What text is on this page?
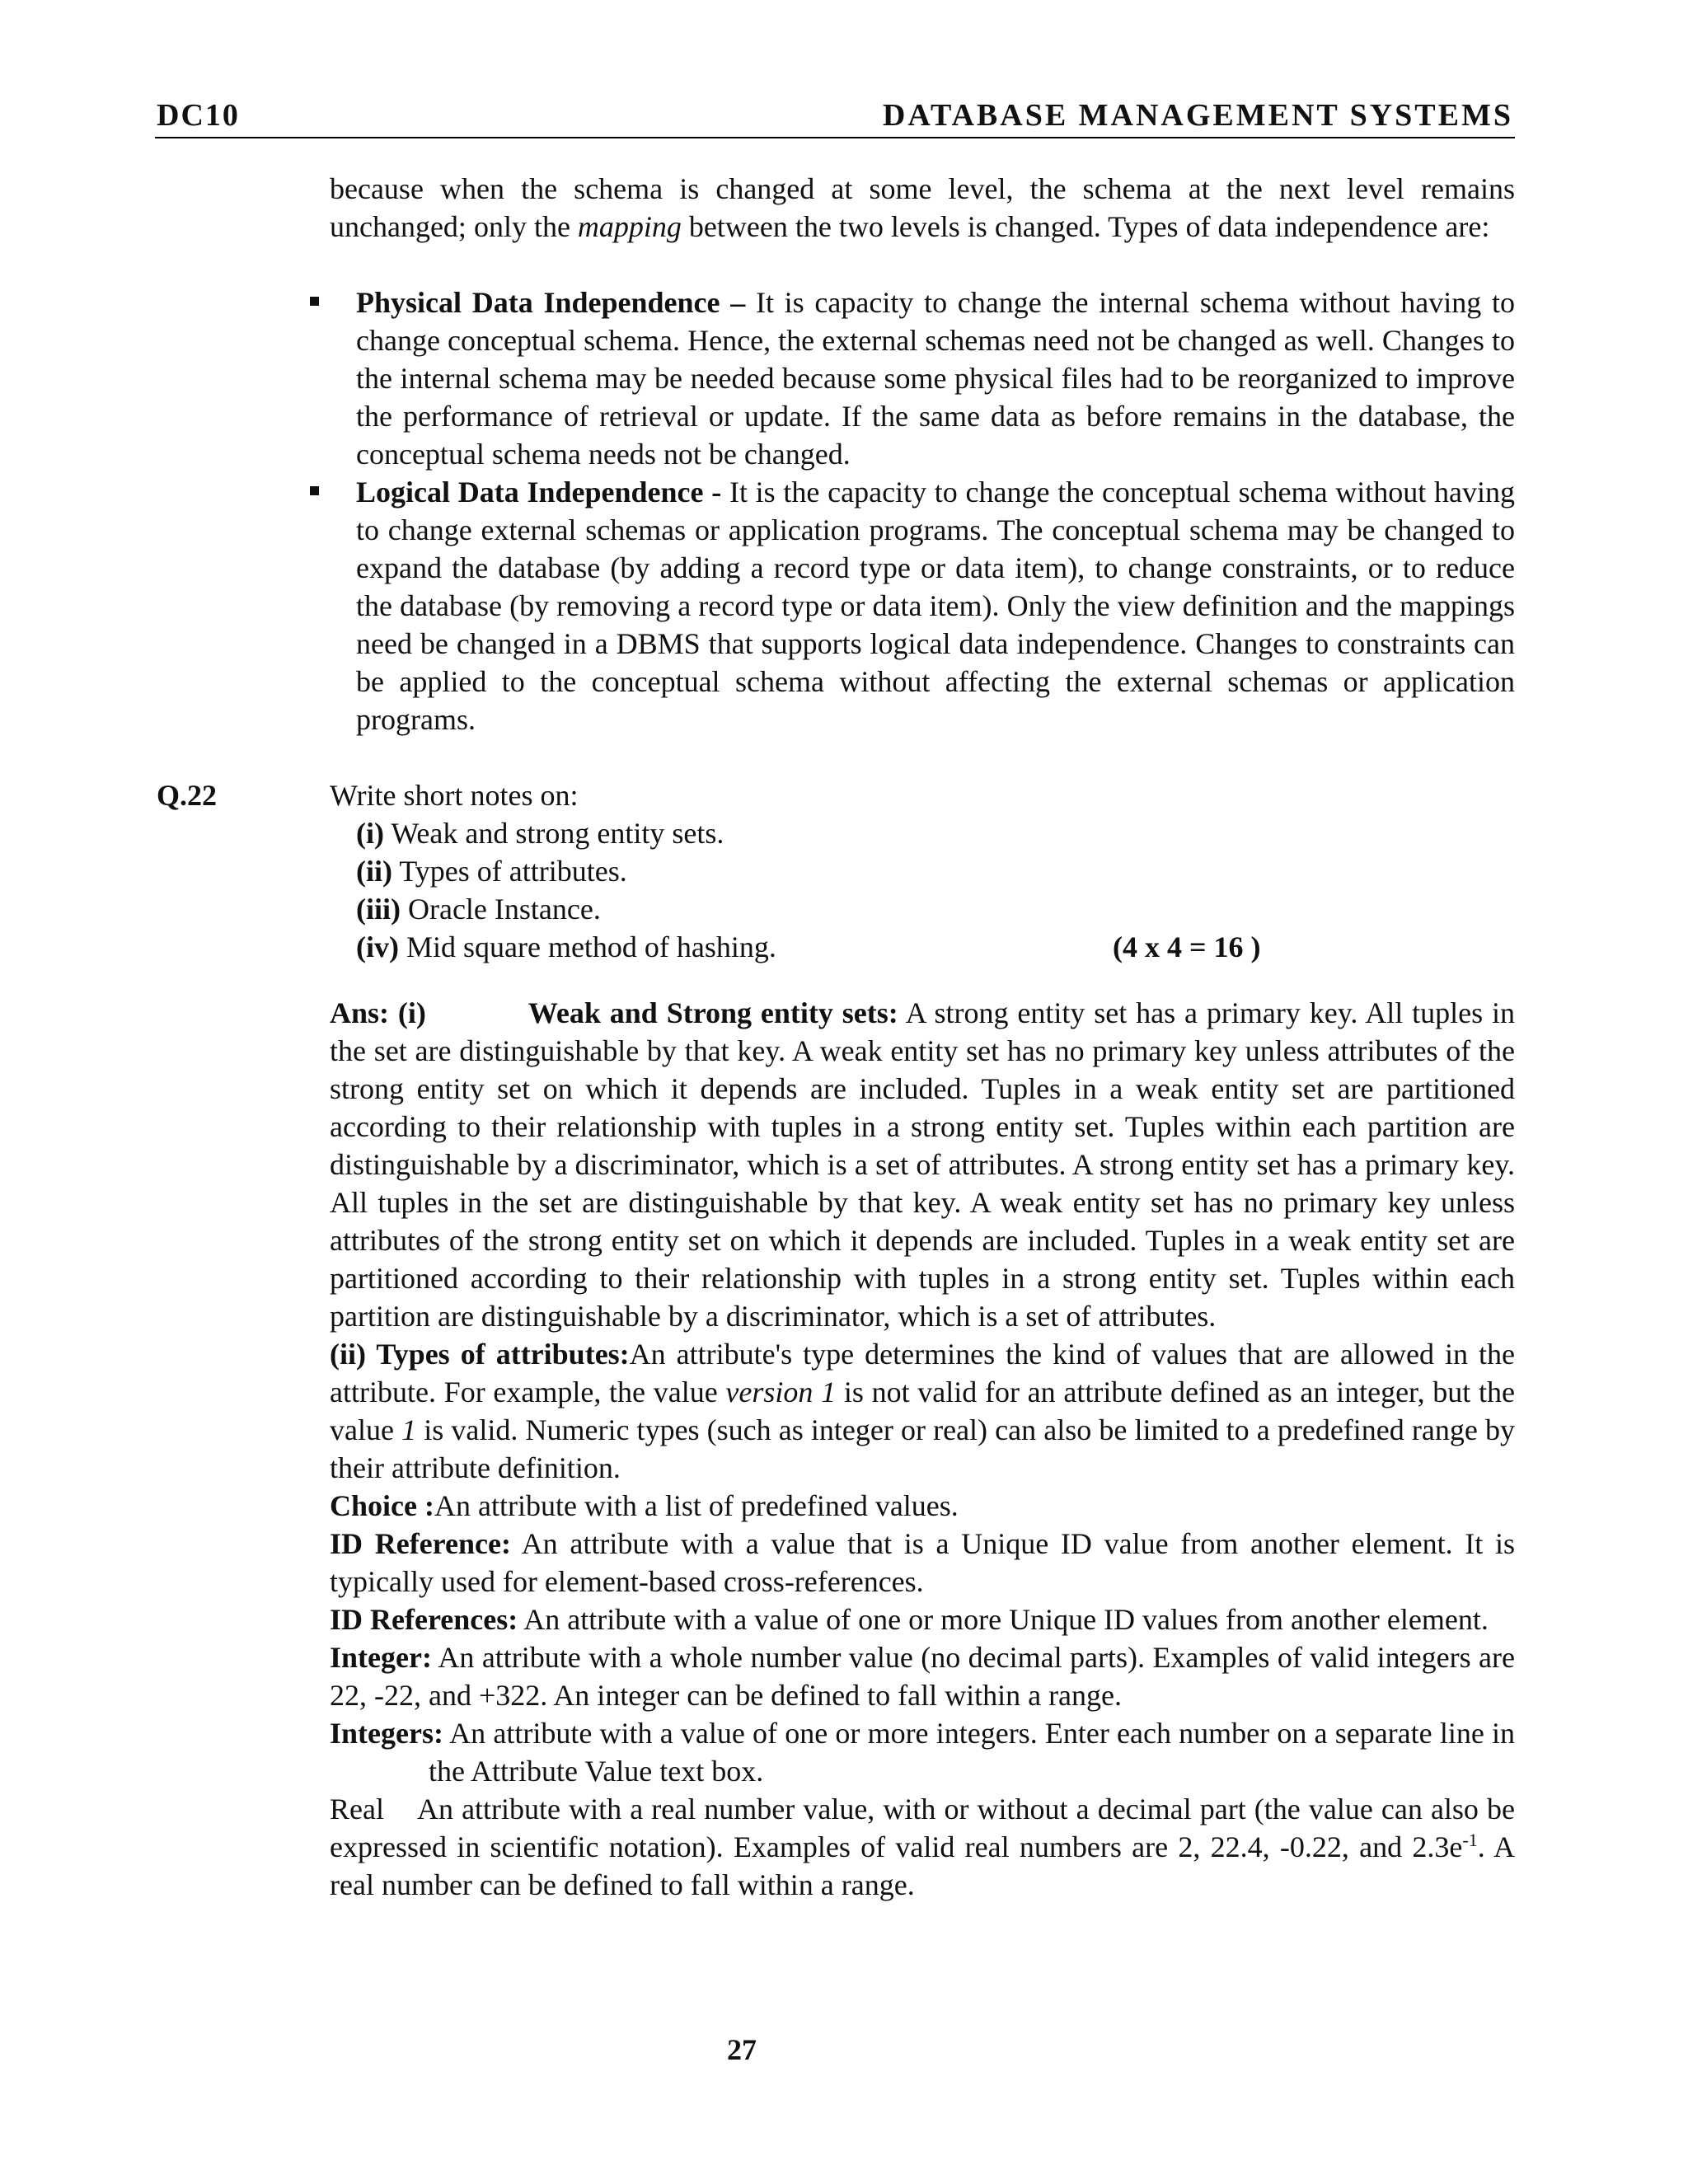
DC10	DATABASE MANAGEMENT SYSTEMS
because when the schema is changed at some level, the schema at the next level remains unchanged; only the mapping between the two levels is changed. Types of data independence are:
Physical Data Independence – It is capacity to change the internal schema without having to change conceptual schema. Hence, the external schemas need not be changed as well. Changes to the internal schema may be needed because some physical files had to be reorganized to improve the performance of retrieval or update. If the same data as before remains in the database, the conceptual schema needs not be changed.
Logical Data Independence - It is the capacity to change the conceptual schema without having to change external schemas or application programs. The conceptual schema may be changed to expand the database (by adding a record type or data item), to change constraints, or to reduce the database (by removing a record type or data item). Only the view definition and the mappings need be changed in a DBMS that supports logical data independence. Changes to constraints can be applied to the conceptual schema without affecting the external schemas or application programs.
Q.22	Write short notes on:
(i) Weak and strong entity sets.
(ii) Types of attributes.
(iii) Oracle Instance.
(iv) Mid square method of hashing.	(4 x 4 = 16 )

Ans: (i)	Weak and Strong entity sets: A strong entity set has a primary key. All tuples in the set are distinguishable by that key. A weak entity set has no primary key unless attributes of the strong entity set on which it depends are included. Tuples in a weak entity set are partitioned according to their relationship with tuples in a strong entity set. Tuples within each partition are distinguishable by a discriminator, which is a set of attributes. A strong entity set has a primary key. All tuples in the set are distinguishable by that key. A weak entity set has no primary key unless attributes of the strong entity set on which it depends are included. Tuples in a weak entity set are partitioned according to their relationship with tuples in a strong entity set. Tuples within each partition are distinguishable by a discriminator, which is a set of attributes.

(ii) Types of attributes:An attribute's type determines the kind of values that are allowed in the attribute. For example, the value version 1 is not valid for an attribute defined as an integer, but the value 1 is valid. Numeric types (such as integer or real) can also be limited to a predefined range by their attribute definition.

Choice :An attribute with a list of predefined values.

ID Reference: An attribute with a value that is a Unique ID value from another element. It is typically used for element-based cross-references.

ID References: An attribute with a value of one or more Unique ID values from another element.

Integer: An attribute with a whole number value (no decimal parts). Examples of valid integers are 22, -22, and +322. An integer can be defined to fall within a range.

Integers: An attribute with a value of one or more integers. Enter each number on a separate line in the Attribute Value text box.

Real An attribute with a real number value, with or without a decimal part (the value can also be expressed in scientific notation). Examples of valid real numbers are 2, 22.4, -0.22, and $2.3e^{-1}$. A real number can be defined to fall within a range.

27
